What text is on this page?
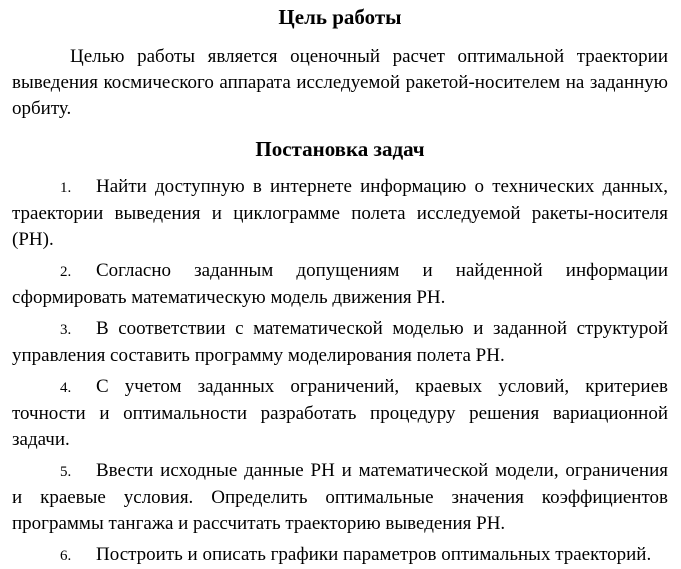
Цель работы

Целью работы является оценочный расчет оптимальной траектории выведения космического аппарата исследуемой ракетой-носителем на заданную орбиту.

Постановка задач

1. Найти доступную в интернете информацию о технических данных, траектории выведения и циклограмме полета исследуемой ракеты-носителя (РН).

2. Согласно заданным допущениям и найденной информации сформировать математическую модель движения РН.

3. В соответствии с математической моделью и заданной структурой управления составить программу моделирования полета РН.

4. С учетом заданных ограничений, краевых условий, критериев точности и оптимальности разработать процедуру решения вариационной задачи.

5. Ввести исходные данные РН и математической модели, ограничения и краевые условия. Определить оптимальные значения коэффициентов программы тангажа и рассчитать траекторию выведения РН.

6. Построить и описать графики параметров оптимальных траекторий.
